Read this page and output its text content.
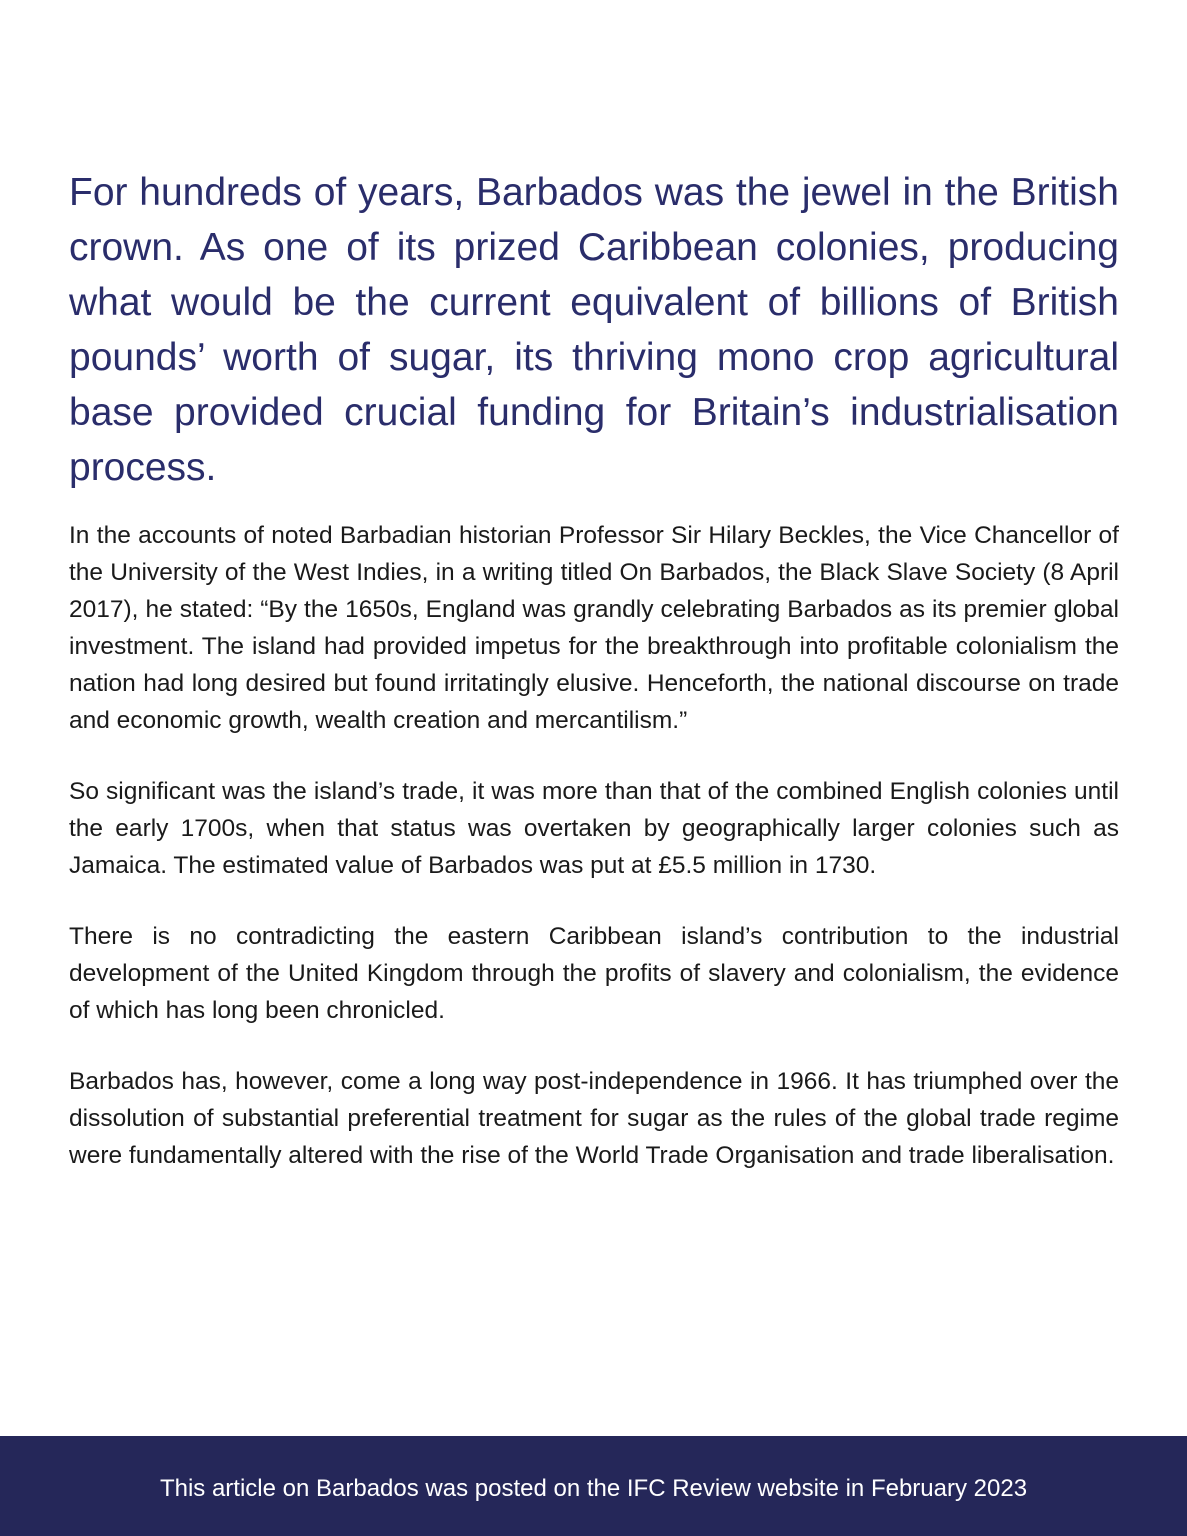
For hundreds of years, Barbados was the jewel in the British crown. As one of its prized Caribbean colonies, producing what would be the current equivalent of billions of British pounds’ worth of sugar, its thriving mono crop agricultural base provided crucial funding for Britain’s industrialisation process.

In the accounts of noted Barbadian historian Professor Sir Hilary Beckles, the Vice Chancellor of the University of the West Indies, in a writing titled On Barbados, the Black Slave Society (8 April 2017), he stated: “By the 1650s, England was grandly celebrating Barbados as its premier global investment. The island had provided impetus for the breakthrough into profitable colonialism the nation had long desired but found irritatingly elusive. Henceforth, the national discourse on trade and economic growth, wealth creation and mercantilism.”

So significant was the island’s trade, it was more than that of the combined English colonies until the early 1700s, when that status was overtaken by geographically larger colonies such as Jamaica. The estimated value of Barbados was put at £5.5 million in 1730.

There is no contradicting the eastern Caribbean island’s contribution to the industrial development of the United Kingdom through the profits of slavery and colonialism, the evidence of which has long been chronicled.

Barbados has, however, come a long way post-independence in 1966. It has triumphed over the dissolution of substantial preferential treatment for sugar as the rules of the global trade regime were fundamentally altered with the rise of the World Trade Organisation and trade liberalisation.

This article on Barbados was posted on the IFC Review website in February 2023
